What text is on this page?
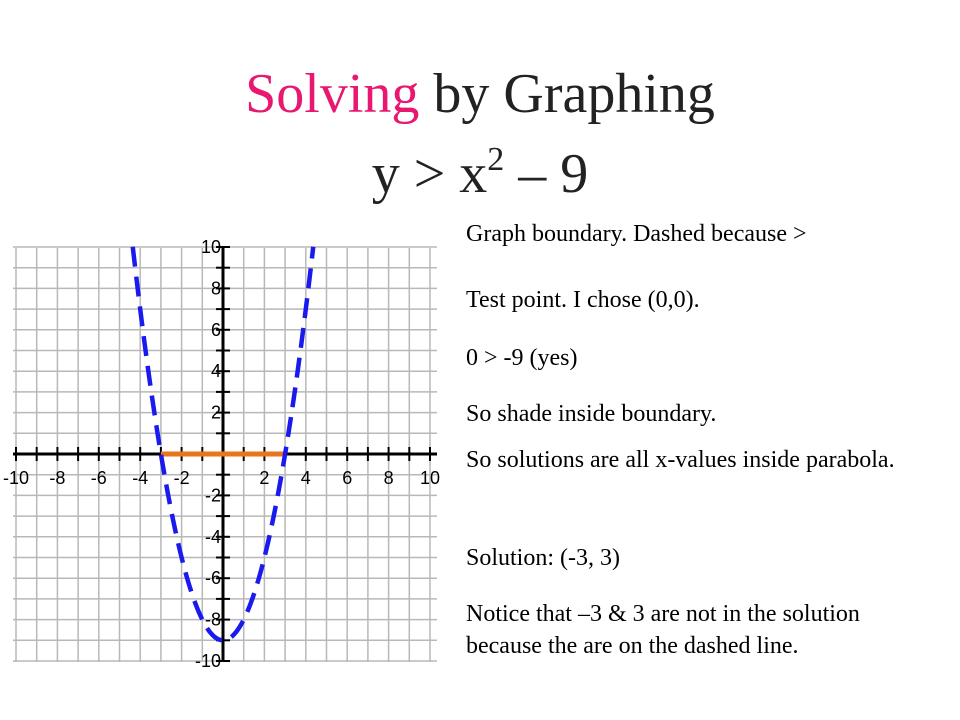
Solving by Graphing
$y > x^2 - 9$
-10 -8 -6 -4 -2	2 4 6 8 10
10
8
6
4
2
-2
-4
-6
-8
-10
Graph boundary. Dashed because >
Test point. I chose (0,0).
0 > -9 (yes)
So shade inside boundary.
So solutions are all x-values inside parabola.
Solution: (-3, 3)
Notice that –3 & 3 are not in the solution because the are on the dashed line.
